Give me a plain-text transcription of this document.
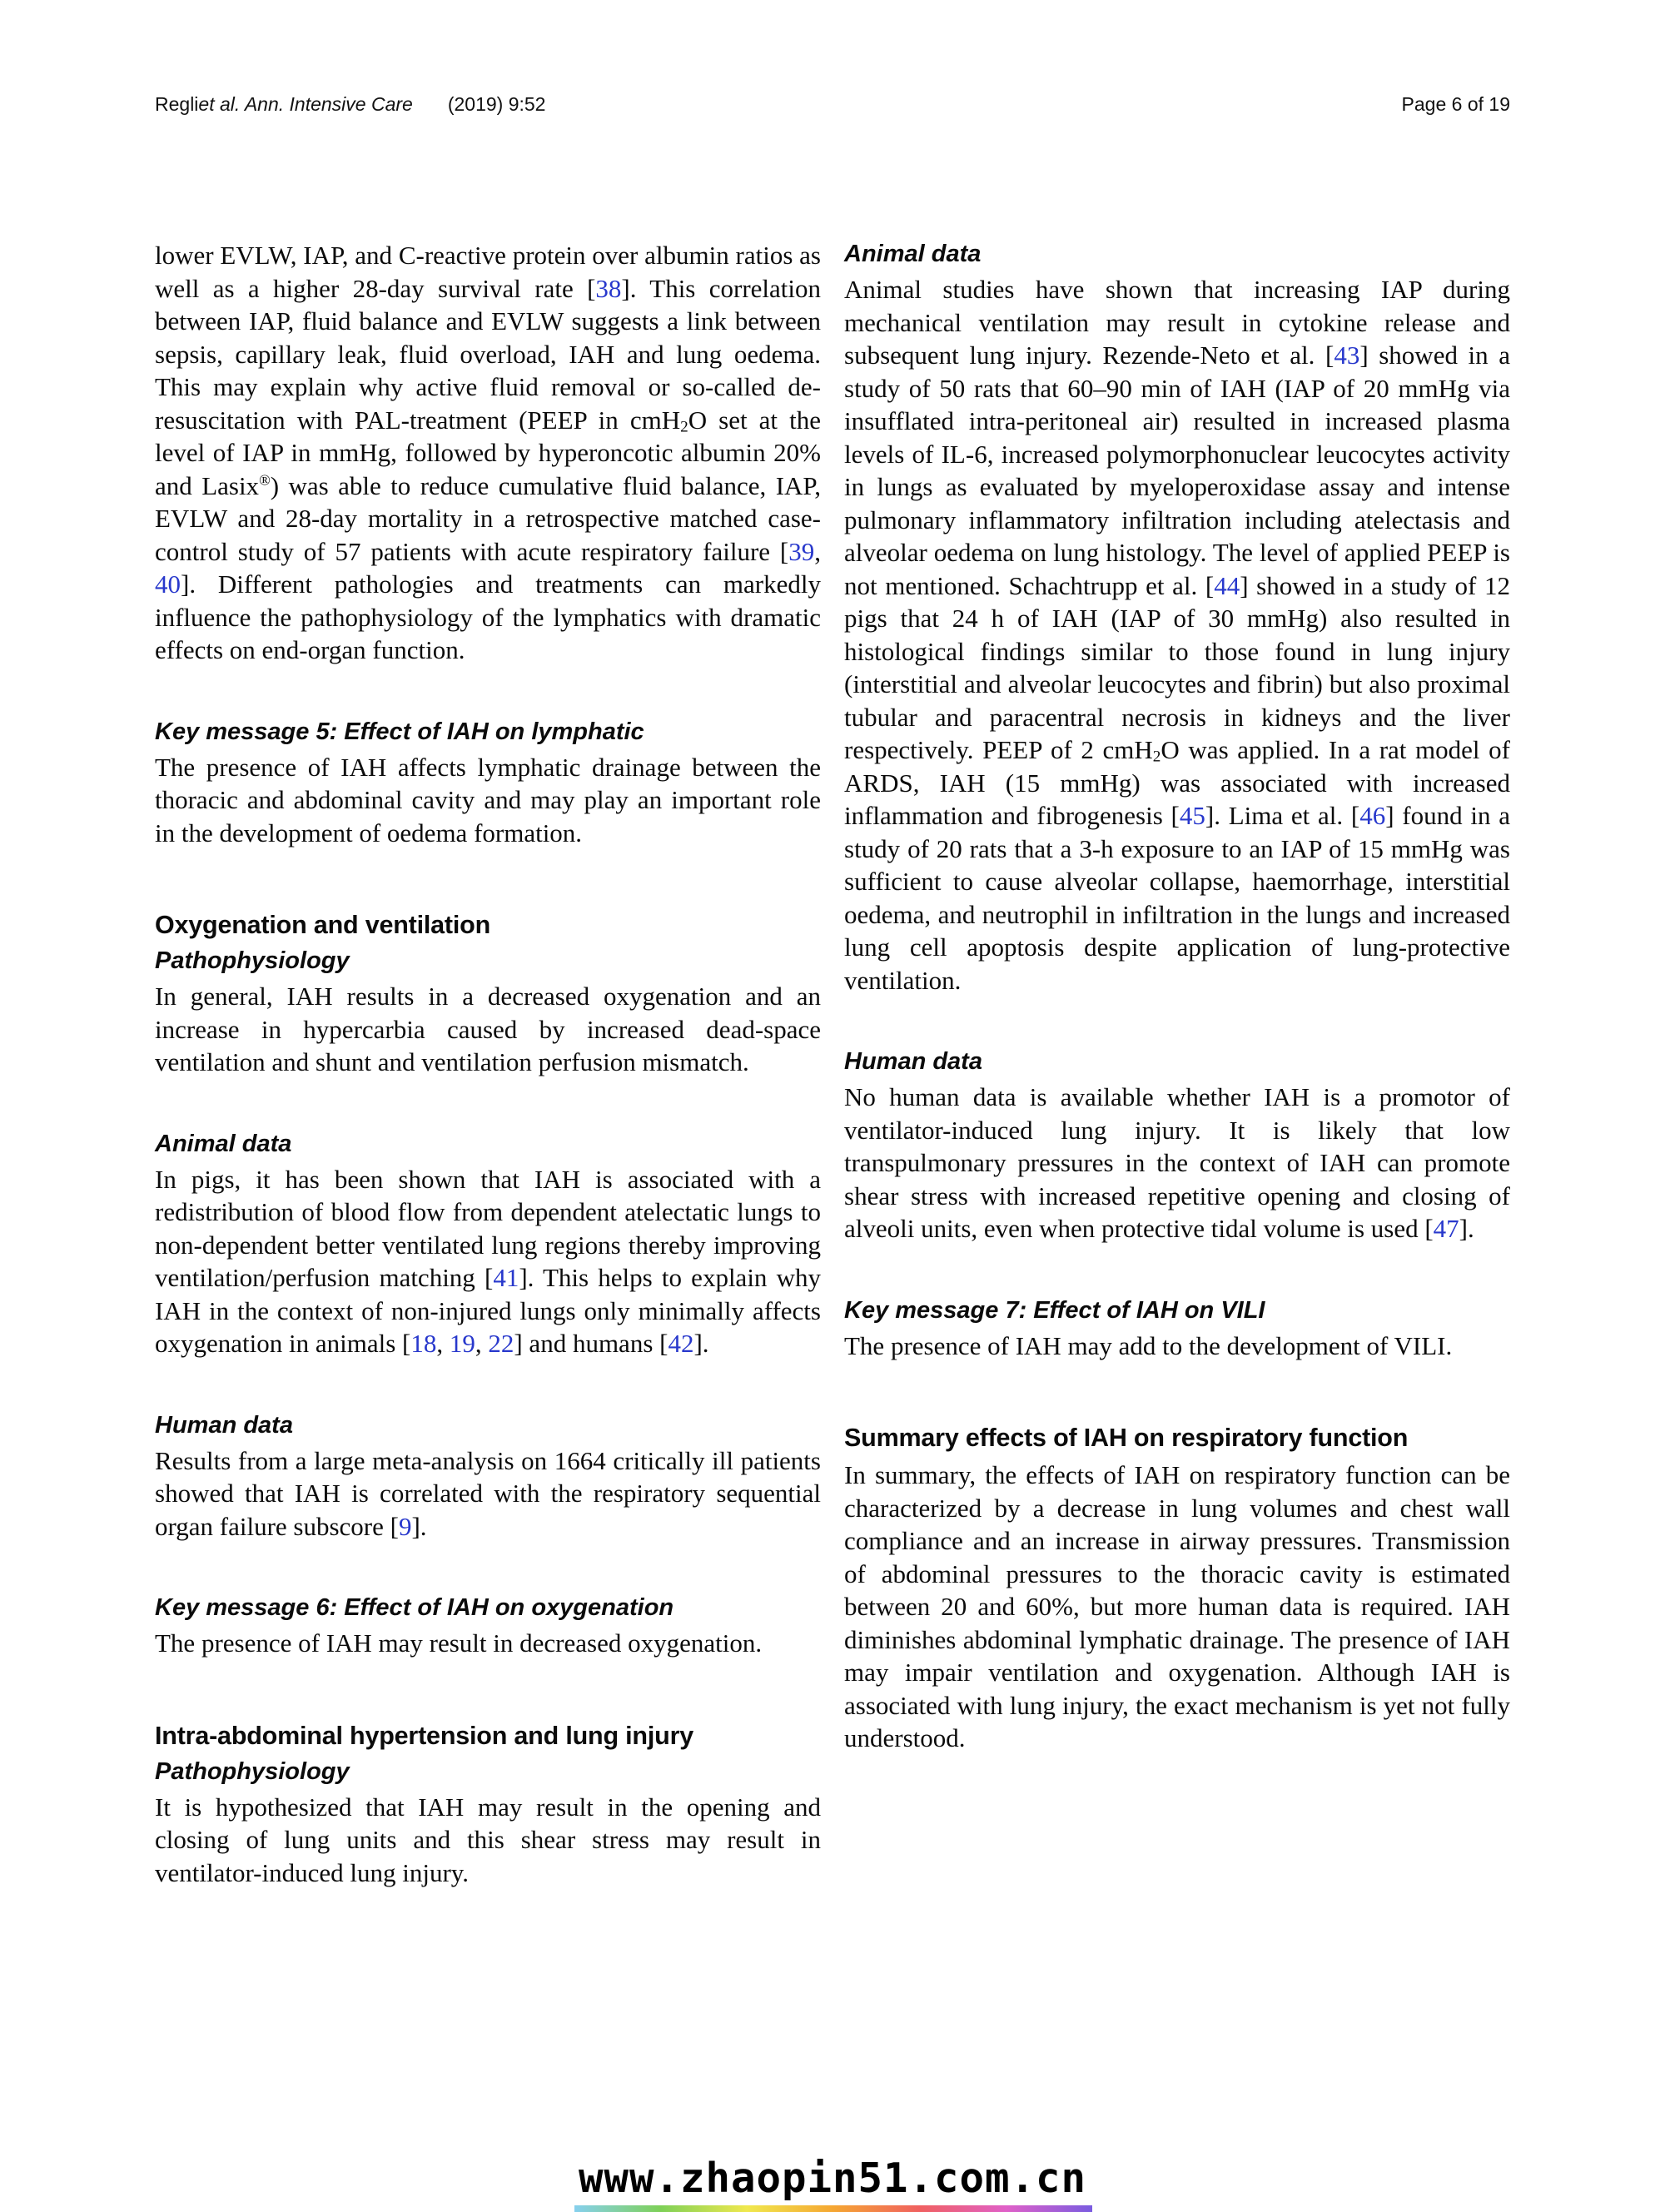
Regliet al. Ann. Intensive Care (2019) 9:52	Page 6 of 19

lower EVLW, IAP, and C-reactive protein over albumin ratios as well as a higher 28-day survival rate [38]. This correlation between IAP, fluid balance and EVLW suggests a link between sepsis, capillary leak, fluid overload, IAH and lung oedema. This may explain why active fluid removal or so-called de-resuscitation with PAL-treatment (PEEP in cmH$_2$O set at the level of IAP in mmHg, followed by hyperoncotic albumin 20% and Lasix®) was able to reduce cumulative fluid balance, IAP, EVLW and 28-day mortality in a retrospective matched case-control study of 57 patients with acute respiratory failure [39, 40]. Different pathologies and treatments can markedly influence the pathophysiology of the lymphatics with dramatic effects on end-organ function.

Key message 5: Effect of IAH on lymphatic

The presence of IAH affects lymphatic drainage between the thoracic and abdominal cavity and may play an important role in the development of oedema formation.

Oxygenation and ventilation
Pathophysiology

In general, IAH results in a decreased oxygenation and an increase in hypercarbia caused by increased dead-space ventilation and shunt and ventilation perfusion mismatch.

Animal data

In pigs, it has been shown that IAH is associated with a redistribution of blood flow from dependent atelectatic lungs to non-dependent better ventilated lung regions thereby improving ventilation/perfusion matching [41]. This helps to explain why IAH in the context of non-injured lungs only minimally affects oxygenation in animals [18, 19, 22] and humans [42].

Human data

Results from a large meta-analysis on 1664 critically ill patients showed that IAH is correlated with the respiratory sequential organ failure subscore [9].

Key message 6: Effect of IAH on oxygenation

The presence of IAH may result in decreased oxygenation.

Intra-abdominal hypertension and lung injury
Pathophysiology

It is hypothesized that IAH may result in the opening and closing of lung units and this shear stress may result in ventilator-induced lung injury.

Animal data

Animal studies have shown that increasing IAP during mechanical ventilation may result in cytokine release and subsequent lung injury. Rezende-Neto et al. [43] showed in a study of 50 rats that 60–90 min of IAH (IAP of 20 mmHg via insufflated intra-peritoneal air) resulted in increased plasma levels of IL-6, increased polymorphonuclear leucocytes activity in lungs as evaluated by myeloperoxidase assay and intense pulmonary inflammatory infiltration including atelectasis and alveolar oedema on lung histology. The level of applied PEEP is not mentioned. Schachtrupp et al. [44] showed in a study of 12 pigs that 24 h of IAH (IAP of 30 mmHg) also resulted in histological findings similar to those found in lung injury (interstitial and alveolar leucocytes and fibrin) but also proximal tubular and paracentral necrosis in kidneys and the liver respectively. PEEP of 2 cmH$_2$O was applied. In a rat model of ARDS, IAH (15 mmHg) was associated with increased inflammation and fibrogenesis [45]. Lima et al. [46] found in a study of 20 rats that a 3-h exposure to an IAP of 15 mmHg was sufficient to cause alveolar collapse, haemorrhage, interstitial oedema, and neutrophil in infiltration in the lungs and increased lung cell apoptosis despite application of lung-protective ventilation.

Human data

No human data is available whether IAH is a promotor of ventilator-induced lung injury. It is likely that low transpulmonary pressures in the context of IAH can promote shear stress with increased repetitive opening and closing of alveoli units, even when protective tidal volume is used [47].

Key message 7: Effect of IAH on VILI

The presence of IAH may add to the development of VILI.

Summary effects of IAH on respiratory function

In summary, the effects of IAH on respiratory function can be characterized by a decrease in lung volumes and chest wall compliance and an increase in airway pressures. Transmission of abdominal pressures to the thoracic cavity is estimated between 20 and 60%, but more human data is required. IAH diminishes abdominal lymphatic drainage. The presence of IAH may impair ventilation and oxygenation. Although IAH is associated with lung injury, the exact mechanism is yet not fully understood.

www.zhaopin51.com.cn
